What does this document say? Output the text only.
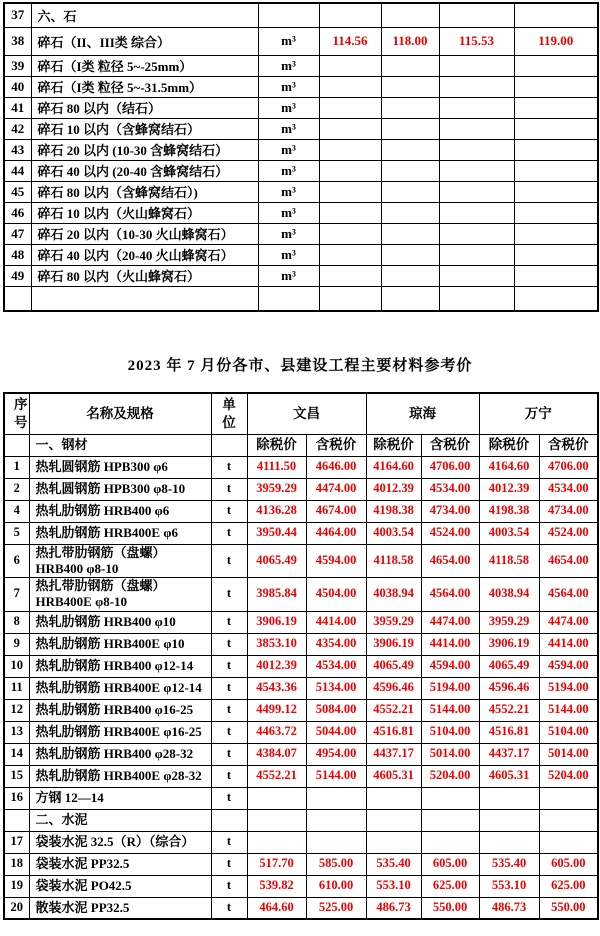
37	六、石					
38	碎石（II、III类 综合）	m³	114.56	118.00	115.53	119.00
39	碎石（I类 粒径 5~-25mm）	m³				
40	碎石（I类 粒径 5~-31.5mm）	m³				
41	碎石 80 以内（结石）	m³				
42	碎石 10 以内（含蜂窝结石）	m³				
43	碎石 20 以内 (10-30 含蜂窝结石）	m³				
44	碎石 40 以内 (20-40 含蜂窝结石）	m³				
45	碎石 80 以内（含蜂窝结石）)	m³				
46	碎石 10 以内（火山蜂窝石）	m³				
47	碎石 20 以内（10-30 火山蜂窝石）	m³				
48	碎石 40 以内（20-40 火山蜂窝石）	m³				
49	碎石 80 以内（火山蜂窝石）	m³				

2023 年 7 月份各市、县建设工程主要材料参考价
序号	名称及规格	单位	文昌		琼海		万宁	
	一、钢材		除税价	含税价	除税价	含税价	除税价	含税价
1	热轧圆钢筋 HPB300 φ6	t	4111.50	4646.00	4164.60	4706.00	4164.60	4706.00
2	热轧圆钢筋 HPB300 φ8-10	t	3959.29	4474.00	4012.39	4534.00	4012.39	4534.00
4	热轧肋钢筋 HRB400 φ6	t	4136.28	4674.00	4198.38	4734.00	4198.38	4734.00
5	热轧肋钢筋 HRB400E φ6	t	3950.44	4464.00	4003.54	4524.00	4003.54	4524.00
6	热扎带肋钢筋（盘螺）HRB400 φ8-10	t	4065.49	4594.00	4118.58	4654.00	4118.58	4654.00
7	热扎带肋钢筋（盘螺）HRB400E φ8-10	t	3985.84	4504.00	4038.94	4564.00	4038.94	4564.00
8	热轧肋钢筋 HRB400 φ10	t	3906.19	4414.00	3959.29	4474.00	3959.29	4474.00
9	热轧肋钢筋 HRB400E φ10	t	3853.10	4354.00	3906.19	4414.00	3906.19	4414.00
10	热轧肋钢筋 HRB400 φ12-14	t	4012.39	4534.00	4065.49	4594.00	4065.49	4594.00
11	热轧肋钢筋 HRB400E φ12-14	t	4543.36	5134.00	4596.46	5194.00	4596.46	5194.00
12	热轧肋钢筋 HRB400 φ16-25	t	4499.12	5084.00	4552.21	5144.00	4552.21	5144.00
13	热轧肋钢筋 HRB400E φ16-25	t	4463.72	5044.00	4516.81	5104.00	4516.81	5104.00
14	热轧肋钢筋 HRB400 φ28-32	t	4384.07	4954.00	4437.17	5014.00	4437.17	5014.00
15	热轧肋钢筋 HRB400E φ28-32	t	4552.21	5144.00	4605.31	5204.00	4605.31	5204.00
16	方钢 12—14	t						
	二、水泥							
17	袋装水泥 32.5（R）（综合）	t						
18	袋装水泥 PP32.5	t	517.70	585.00	535.40	605.00	535.40	605.00
19	袋装水泥 PO42.5	t	539.82	610.00	553.10	625.00	553.10	625.00
20	散装水泥 PP32.5	t	464.60	525.00	486.73	550.00	486.73	550.00
